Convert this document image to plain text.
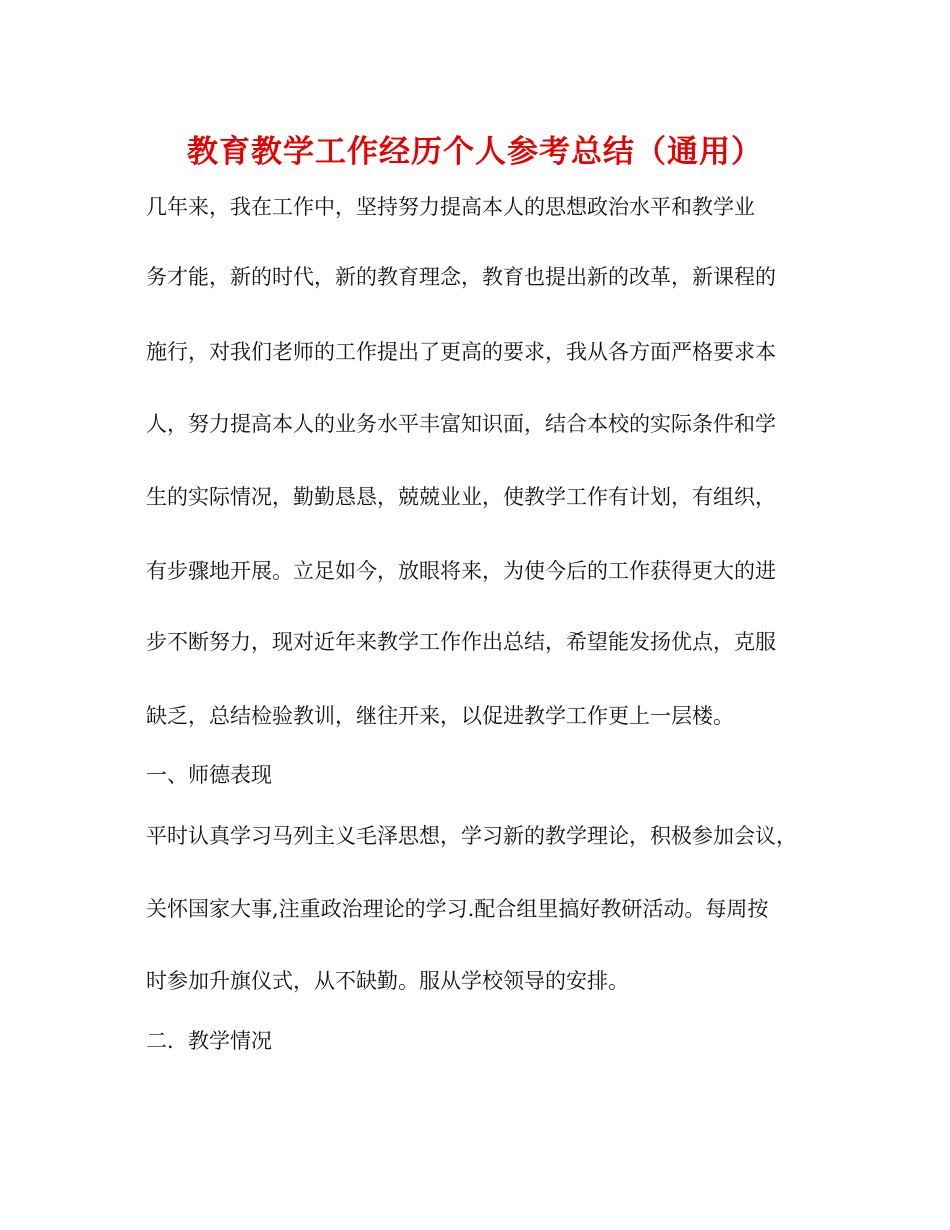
教育教学工作经历个人参考总结（通用）
几年来，我在工作中，坚持努力提高本人的思想政治水平和教学业
务才能，新的时代，新的教育理念，教育也提出新的改革，新课程的
施行，对我们老师的工作提出了更高的要求，我从各方面严格要求本
人，努力提高本人的业务水平丰富知识面，结合本校的实际条件和学
生的实际情况，勤勤恳恳，兢兢业业，使教学工作有计划，有组织，
有步骤地开展。立足如今，放眼将来，为使今后的工作获得更大的进
步不断努力，现对近年来教学工作作出总结，希望能发扬优点，克服
缺乏，总结检验教训，继往开来，以促进教学工作更上一层楼。
一、师德表现
平时认真学习马列主义毛泽思想，学习新的教学理论，积极参加会议，
关怀国家大事,注重政治理论的学习.配合组里搞好教研活动。每周按
时参加升旗仪式，从不缺勤。服从学校领导的安排。
二．教学情况
